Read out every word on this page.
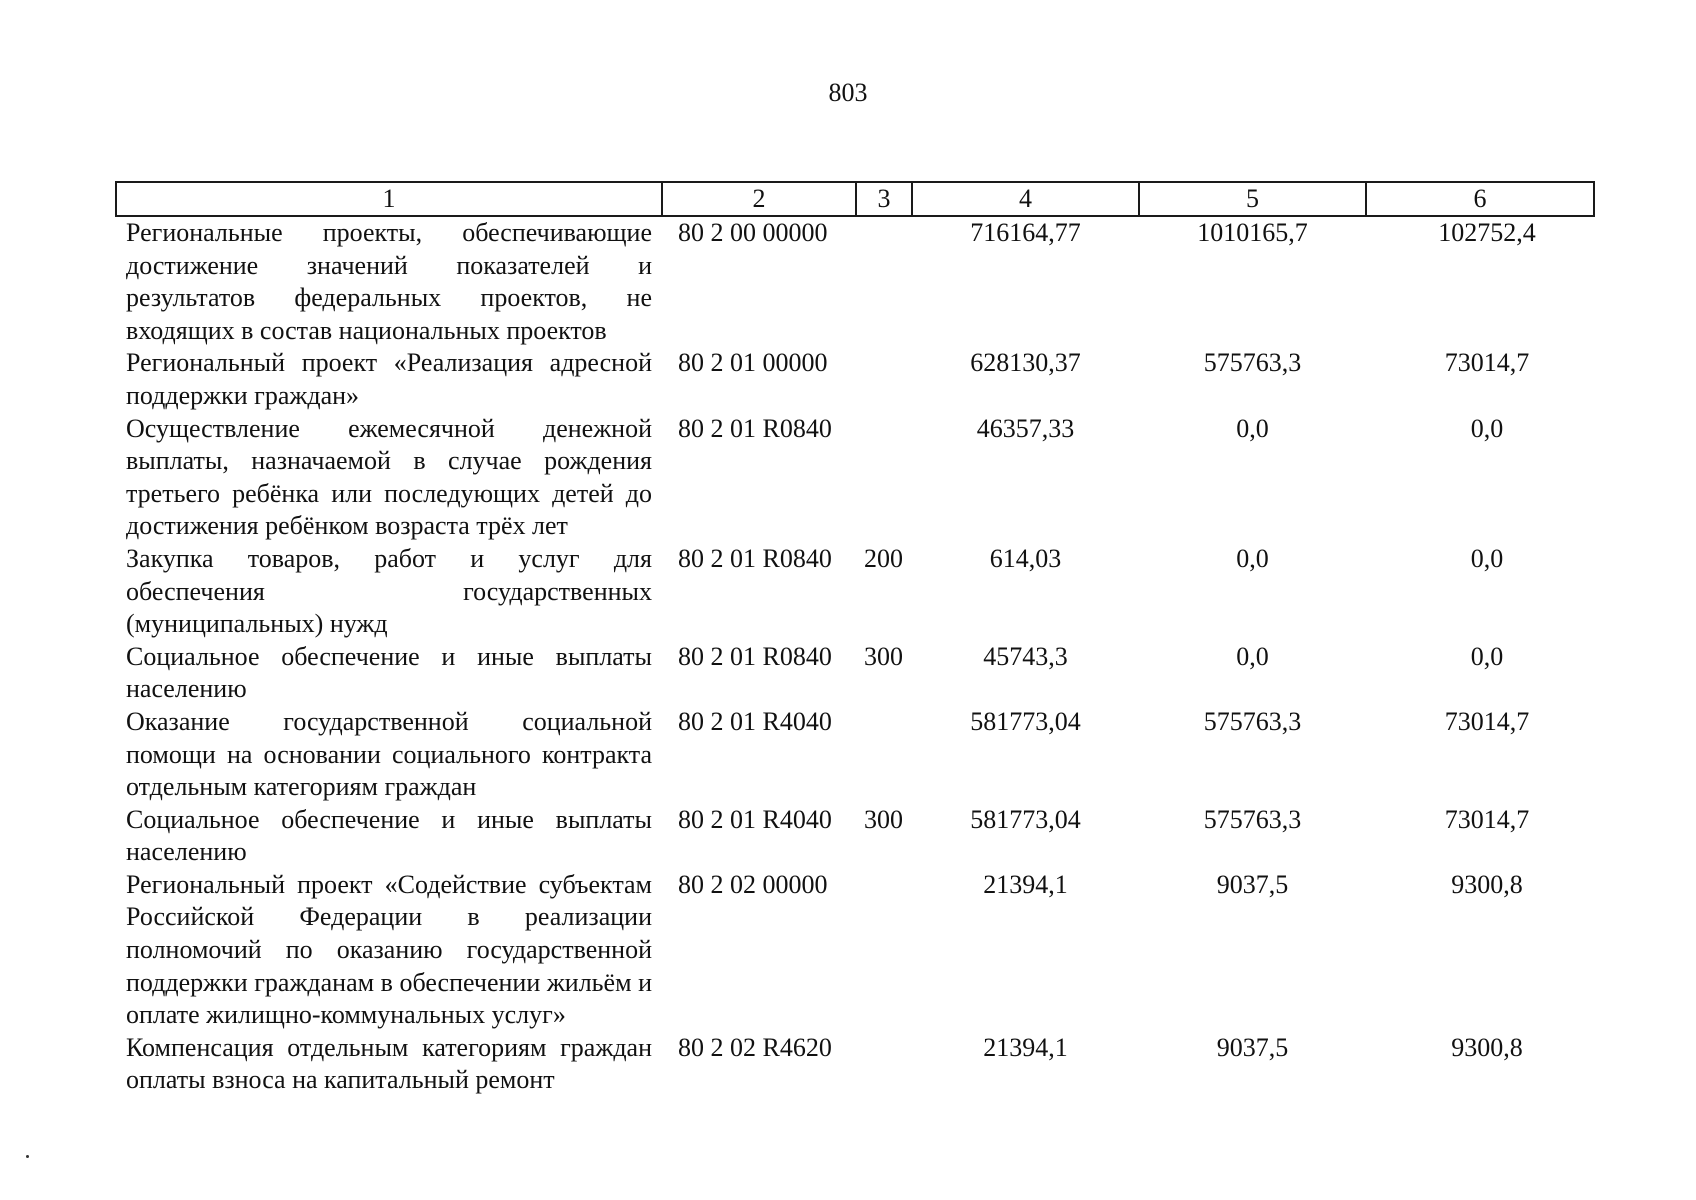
803
1	2	3	4	5	6
Региональные проекты, обеспечивающие достижение значений показателей и результатов федеральных проектов, не входящих в состав национальных проектов	80 2 00 00000		716164,77	1010165,7	102752,4
Региональный проект «Реализация адресной поддержки граждан»	80 2 01 00000		628130,37	575763,3	73014,7
Осуществление ежемесячной денежной выплаты, назначаемой в случае рождения третьего ребёнка или последующих детей до достижения ребёнком возраста трёх лет	80 2 01 R0840		46357,33	0,0	0,0
Закупка товаров, работ и услуг для обеспечения государственных (муниципальных) нужд	80 2 01 R0840	200	614,03	0,0	0,0
Социальное обеспечение и иные выплаты населению	80 2 01 R0840	300	45743,3	0,0	0,0
Оказание государственной социальной помощи на основании социального контракта отдельным категориям граждан	80 2 01 R4040		581773,04	575763,3	73014,7
Социальное обеспечение и иные выплаты населению	80 2 01 R4040	300	581773,04	575763,3	73014,7
Региональный проект «Содействие субъектам Российской Федерации в реализации полномочий по оказанию государственной поддержки гражданам в обеспечении жильём и оплате жилищно-коммунальных услуг»	80 2 02 00000		21394,1	9037,5	9300,8
Компенсация отдельным категориям граждан оплаты взноса на капитальный ремонт	80 2 02 R4620		21394,1	9037,5	9300,8
